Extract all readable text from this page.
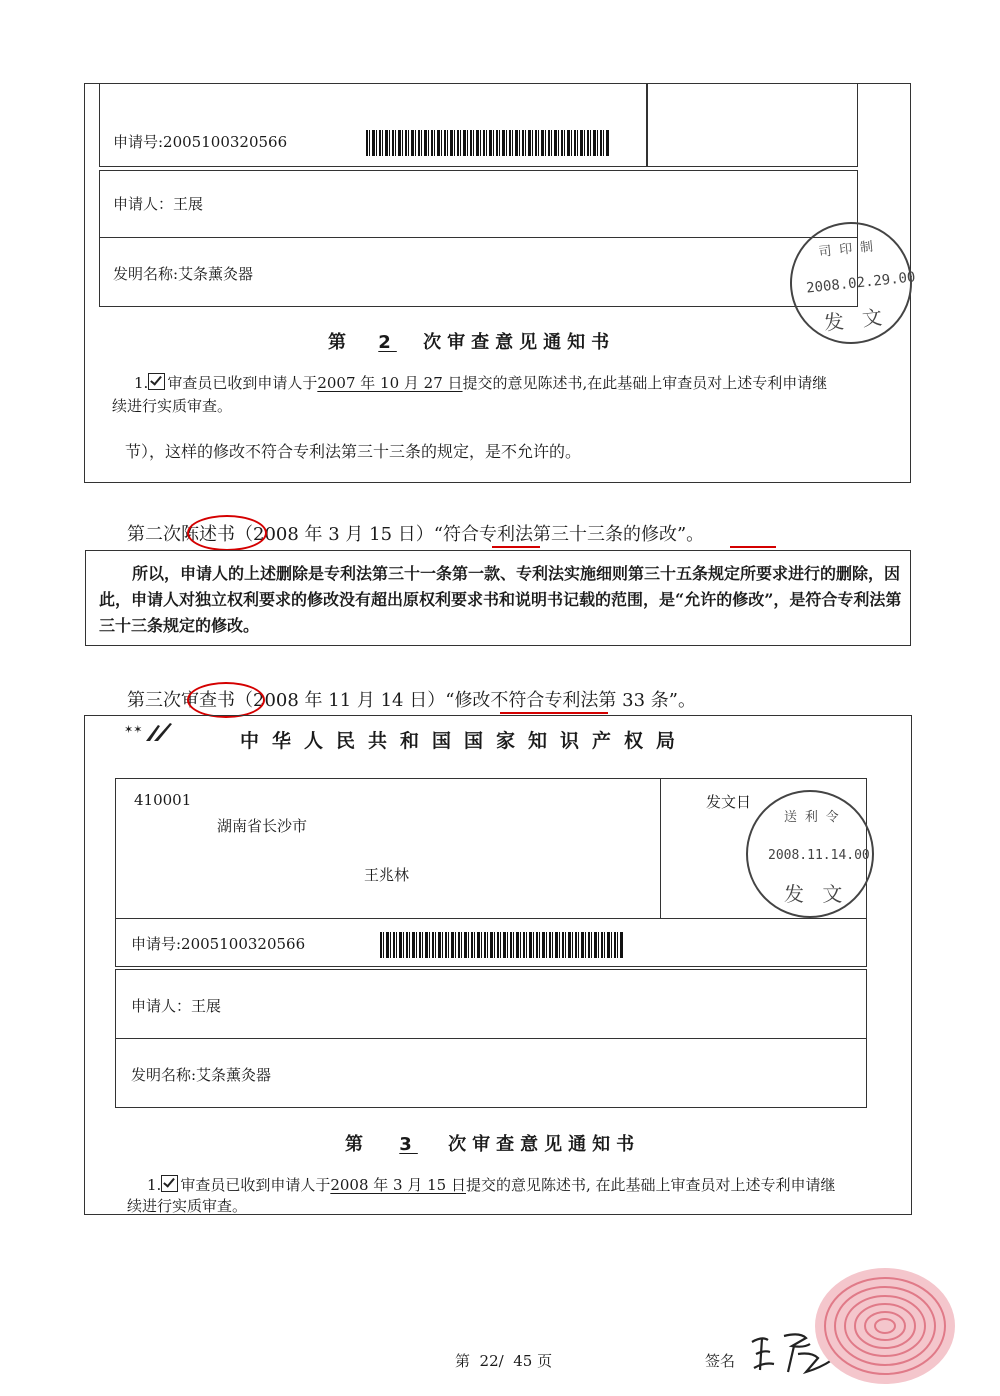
申请号:2005100320566
申请人：王展
发明名称:艾条薰灸器
司 印 制
2008.02.29.00
发 文
第 2 次审查意见通知书
1. 审查员已收到申请人于2007 年 10 月 27 日提交的意见陈述书,在此基础上审查员对上述专利申请继
续进行实质审查。
节），这样的修改不符合专利法第三十三条的规定，是不允许的。
第二次陈述书（2008 年 3 月 15 日）“符合专利法第三十三条的修改”。
所以，申请人的上述删除是专利法第三十一条第一款、专利法实施细则第三十五条规定所要求进行的删除，因此，申请人对独立权利要求的修改没有超出原权利要求书和说明书记载的范围，是“允许的修改”，是符合专利法第三十三条规定的修改。
第三次审查书（2008 年 11 月 14 日）“修改不符合专利法第 33 条”。
✶✶
中华人民共和国国家知识产权局
410001
湖南省长沙市
王兆林
发文日
送 利 令
2008.11.14.00
发 文
申请号:2005100320566
申请人：王展
发明名称:艾条薰灸器
第 3 次审查意见通知书
1. 审查员已收到申请人于2008 年 3 月 15 日提交的意见陈述书, 在此基础上审查员对上述专利申请继
续进行实质审查。
第  22/  45 页	签名
